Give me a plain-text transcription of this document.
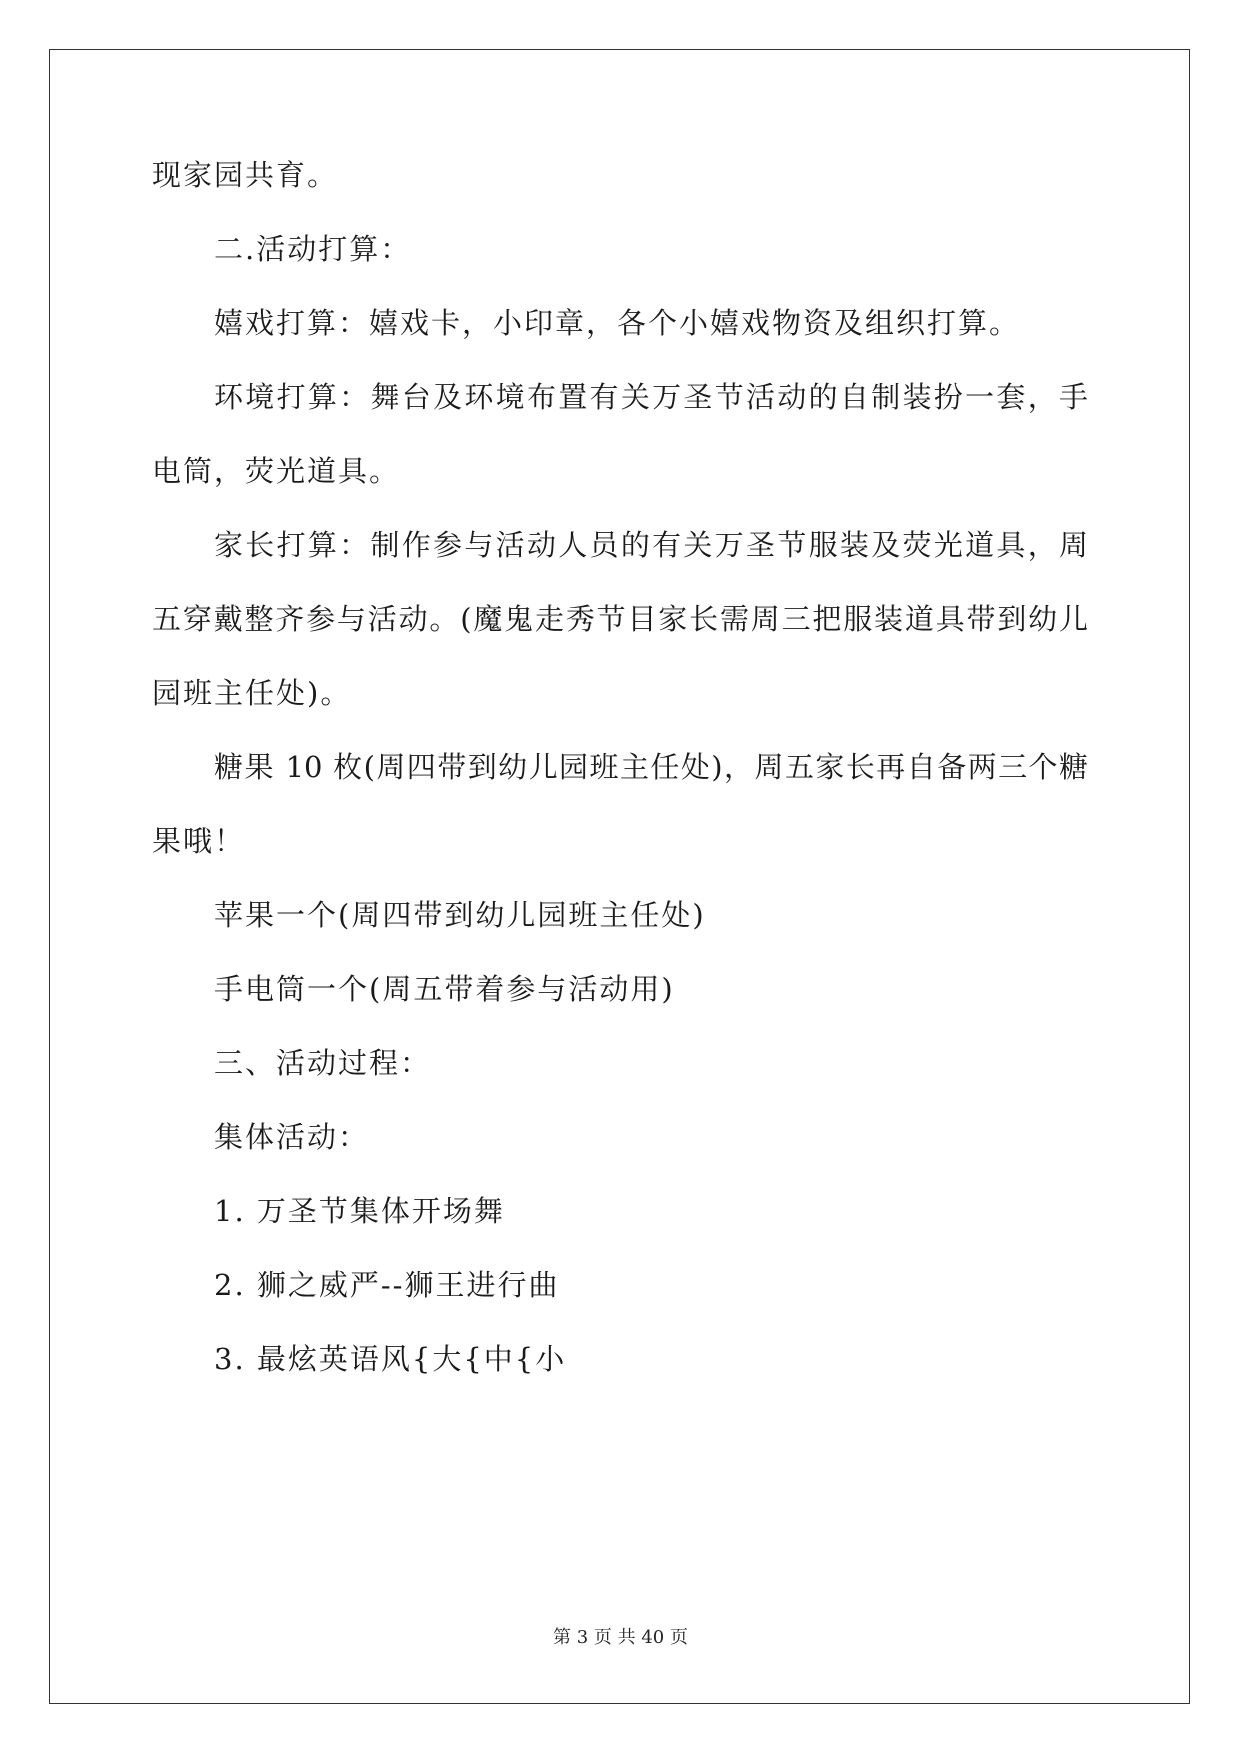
现家园共育。
二.活动打算：
嬉戏打算：嬉戏卡，小印章，各个小嬉戏物资及组织打算。
环境打算：舞台及环境布置有关万圣节活动的自制装扮一套，手
电筒，荧光道具。
家长打算：制作参与活动人员的有关万圣节服装及荧光道具，周
五穿戴整齐参与活动。(魔鬼走秀节目家长需周三把服装道具带到幼儿
园班主任处)。
糖果 10 枚(周四带到幼儿园班主任处)，周五家长再自备两三个糖
果哦！
苹果一个(周四带到幼儿园班主任处)
手电筒一个(周五带着参与活动用)
三、活动过程：
集体活动：
1. 万圣节集体开场舞
2. 狮之威严--狮王进行曲
3. 最炫英语风{大{中{小
第 3 页 共 40 页
